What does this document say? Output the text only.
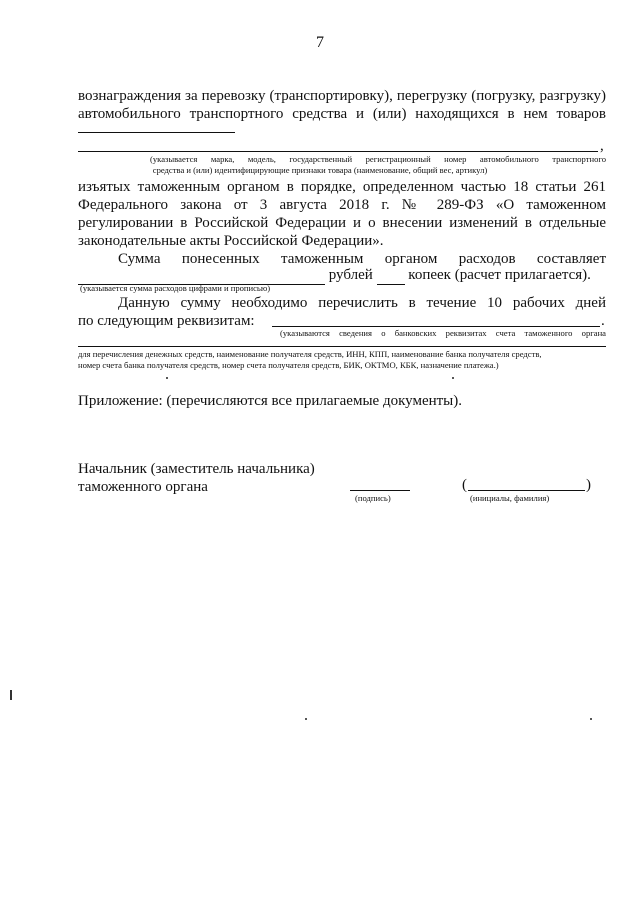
7
вознаграждения за перевозку (транспортировку), перегрузку (погрузку, разгрузку)
автомобильного транспортного средства и (или) находящихся в нем товаров
,
(указывается марка, модель, государственный регистрационный номер автомобильного транспортного
средства и (или) идентифицирующие признаки товара (наименование, общий вес, артикул)
изъятых таможенным органом в порядке, определенном частью 18 статьи 261
Федерального закона от 3 августа 2018 г. № 289-ФЗ «О таможенном
регулировании в Российской Федерации и о внесении изменений в отдельные
законодательные акты Российской Федерации».
Сумма понесенных таможенным органом расходов составляет
рублей копеек (расчет прилагается).
(указывается сумма расходов цифрами и прописью)
Данную сумму необходимо перечислить в течение 10 рабочих дней
по следующим реквизитам:	.
(указываются сведения о банковских реквизитах счета таможенного органа
для перечисления денежных средств, наименование получателя средств, ИНН, КПП, наименование банка получателя средств,
номер счета банка получателя средств, номер счета получателя средств, БИК, ОКТМО, КБК, назначение платежа.)
Приложение: (перечисляются все прилагаемые документы).
Начальник (заместитель начальника)
таможенного органа
(подпись)
(	)
(инициалы, фамилия)
